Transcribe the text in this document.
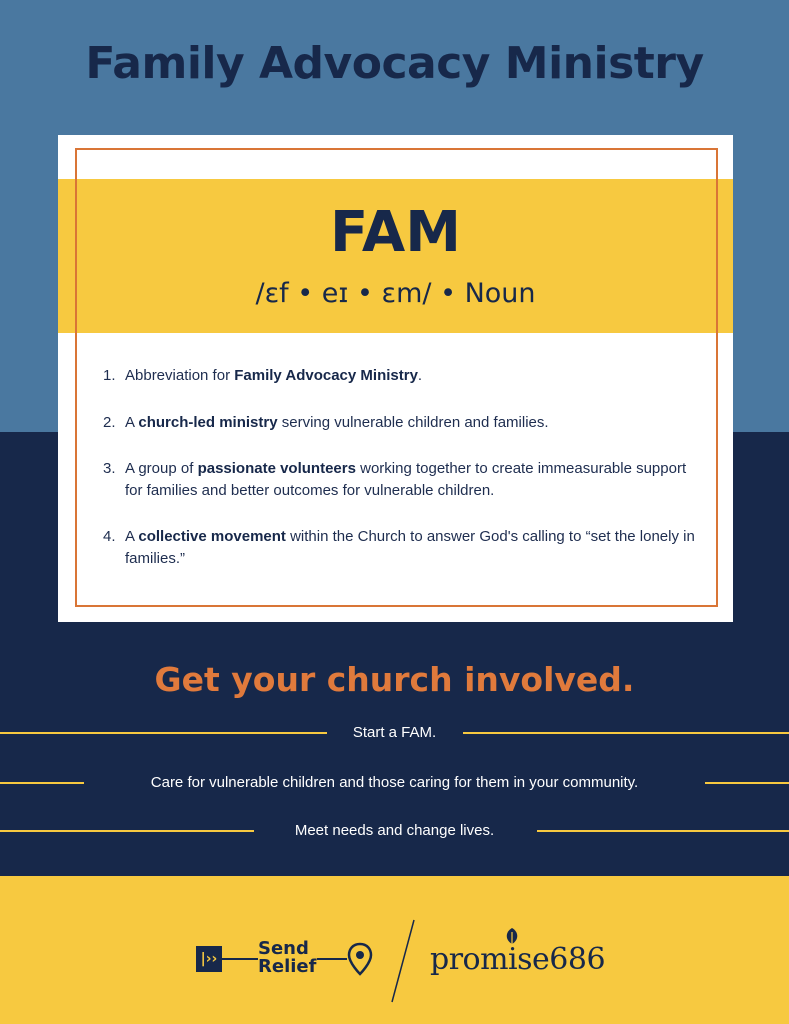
Family Advocacy Ministry
FAM
/ɛf • eɪ • ɛm/ • Noun
1. Abbreviation for Family Advocacy Ministry.
2. A church-led ministry serving vulnerable children and families.
3. A group of passionate volunteers working together to create immeasurable support for families and better outcomes for vulnerable children.
4. A collective movement within the Church to answer God's calling to “set the lonely in families.”
Get your church involved.
Start a FAM.
Care for vulnerable children and those caring for them in your community.
Meet needs and change lives.
|›› Send
Relief	promise686
